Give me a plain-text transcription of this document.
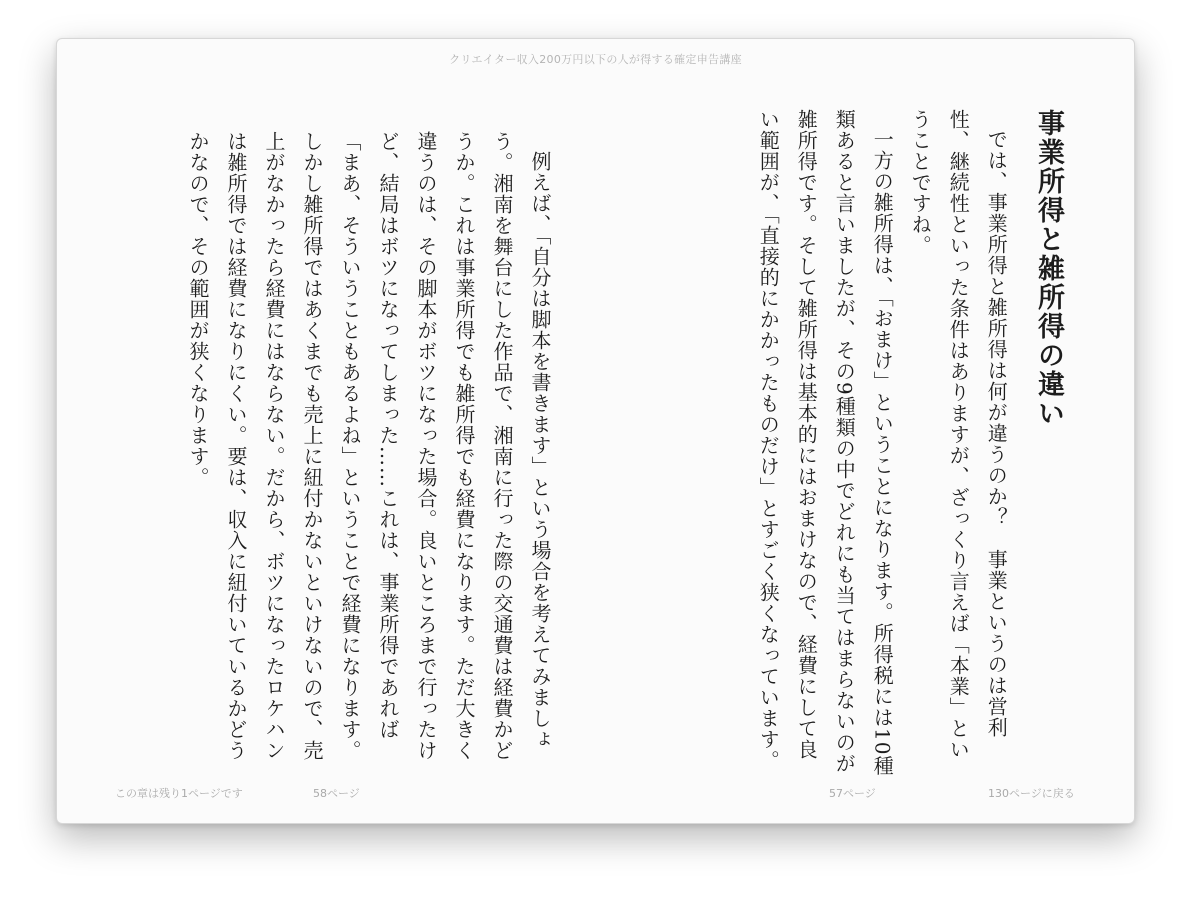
クリエイター収入200万円以下の人が得する確定申告講座

例えば、「自分は脚本を書きます」という場合を考えてみましょう。湘南を舞台にした作品で、湘南に行った際の交通費は経費かどうか。これは事業所得でも雑所得でも経費になります。ただ大きく違うのは、その脚本がボツになった場合。良いところまで行ったけど、結局はボツになってしまった……これは、事業所得であれば「まあ、そういうこともあるよね」ということで経費になります。しかし雑所得ではあくまでも売上に紐付かないといけないので、売上がなかったら経費にはならない。だから、ボツになったロケハンは雑所得では経費になりにくい。要は、収入に紐付いているかどうかなので、その範囲が狭くなります。	事業所得と雑所得の違い

では、事業所得と雑所得は何が違うのか？　事業というのは営利性、継続性といった条件はありますが、ざっくり言えば「本業」ということですね。

一方の雑所得は、「おまけ」ということになります。所得税には10種類あると言いましたが、その9種類の中でどれにも当てはまらないのが雑所得です。そして雑所得は基本的にはおまけなので、経費にして良い範囲が、「直接的にかかったものだけ」とすごく狭くなっています。

この章は残り1ページです	58ページ	57ページ	130ページに戻る
